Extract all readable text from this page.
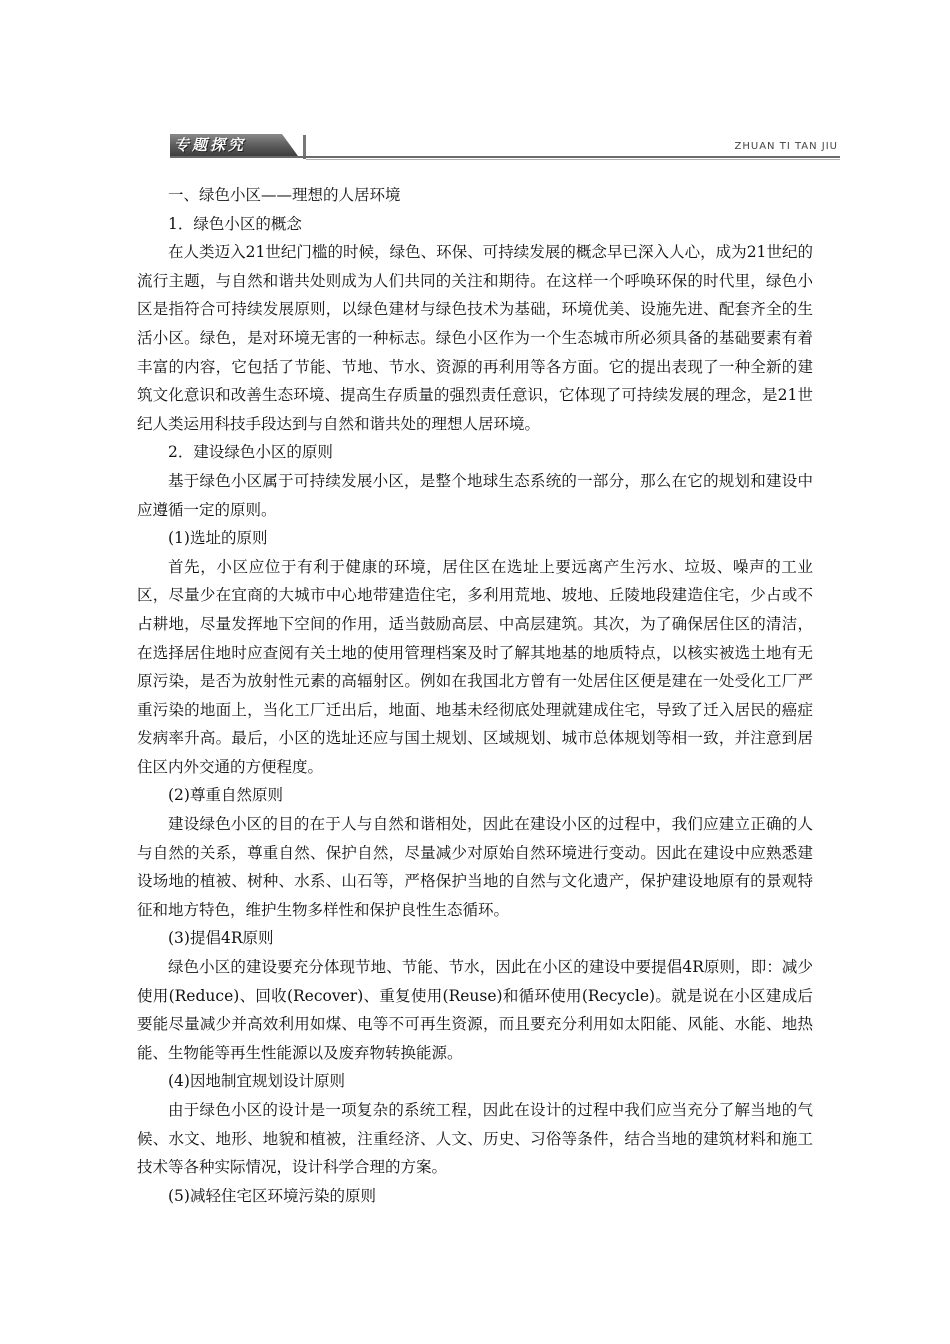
专题探究	ZHUAN TI TAN JIU
一、绿色小区——理想的人居环境
1．绿色小区的概念
在人类迈入21世纪门槛的时候，绿色、环保、可持续发展的概念早已深入人心，成为21世纪的流行主题，与自然和谐共处则成为人们共同的关注和期待。在这样一个呼唤环保的时代里，绿色小区是指符合可持续发展原则，以绿色建材与绿色技术为基础，环境优美、设施先进、配套齐全的生活小区。绿色，是对环境无害的一种标志。绿色小区作为一个生态城市所必须具备的基础要素有着丰富的内容，它包括了节能、节地、节水、资源的再利用等各方面。它的提出表现了一种全新的建筑文化意识和改善生态环境、提高生存质量的强烈责任意识，它体现了可持续发展的理念，是21世纪人类运用科技手段达到与自然和谐共处的理想人居环境。
2．建设绿色小区的原则
基于绿色小区属于可持续发展小区，是整个地球生态系统的一部分，那么在它的规划和建设中应遵循一定的原则。
(1)选址的原则
首先，小区应位于有利于健康的环境，居住区在选址上要远离产生污水、垃圾、噪声的工业区，尽量少在宜商的大城市中心地带建造住宅，多利用荒地、坡地、丘陵地段建造住宅，少占或不占耕地，尽量发挥地下空间的作用，适当鼓励高层、中高层建筑。其次，为了确保居住区的清洁，在选择居住地时应查阅有关土地的使用管理档案及时了解其地基的地质特点，以核实被选土地有无原污染，是否为放射性元素的高辐射区。例如在我国北方曾有一处居住区便是建在一处受化工厂严重污染的地面上，当化工厂迁出后，地面、地基未经彻底处理就建成住宅，导致了迁入居民的癌症发病率升高。最后，小区的选址还应与国土规划、区域规划、城市总体规划等相一致，并注意到居住区内外交通的方便程度。
(2)尊重自然原则
建设绿色小区的目的在于人与自然和谐相处，因此在建设小区的过程中，我们应建立正确的人与自然的关系，尊重自然、保护自然，尽量减少对原始自然环境进行变动。因此在建设中应熟悉建设场地的植被、树种、水系、山石等，严格保护当地的自然与文化遗产，保护建设地原有的景观特征和地方特色，维护生物多样性和保护良性生态循环。
(3)提倡4R原则
绿色小区的建设要充分体现节地、节能、节水，因此在小区的建设中要提倡4R原则，即：减少使用(Reduce)、回收(Recover)、重复使用(Reuse)和循环使用(Recycle)。就是说在小区建成后要能尽量减少并高效利用如煤、电等不可再生资源，而且要充分利用如太阳能、风能、水能、地热能、生物能等再生性能源以及废弃物转换能源。
(4)因地制宜规划设计原则
由于绿色小区的设计是一项复杂的系统工程，因此在设计的过程中我们应当充分了解当地的气候、水文、地形、地貌和植被，注重经济、人文、历史、习俗等条件，结合当地的建筑材料和施工技术等各种实际情况，设计科学合理的方案。
(5)减轻住宅区环境污染的原则
